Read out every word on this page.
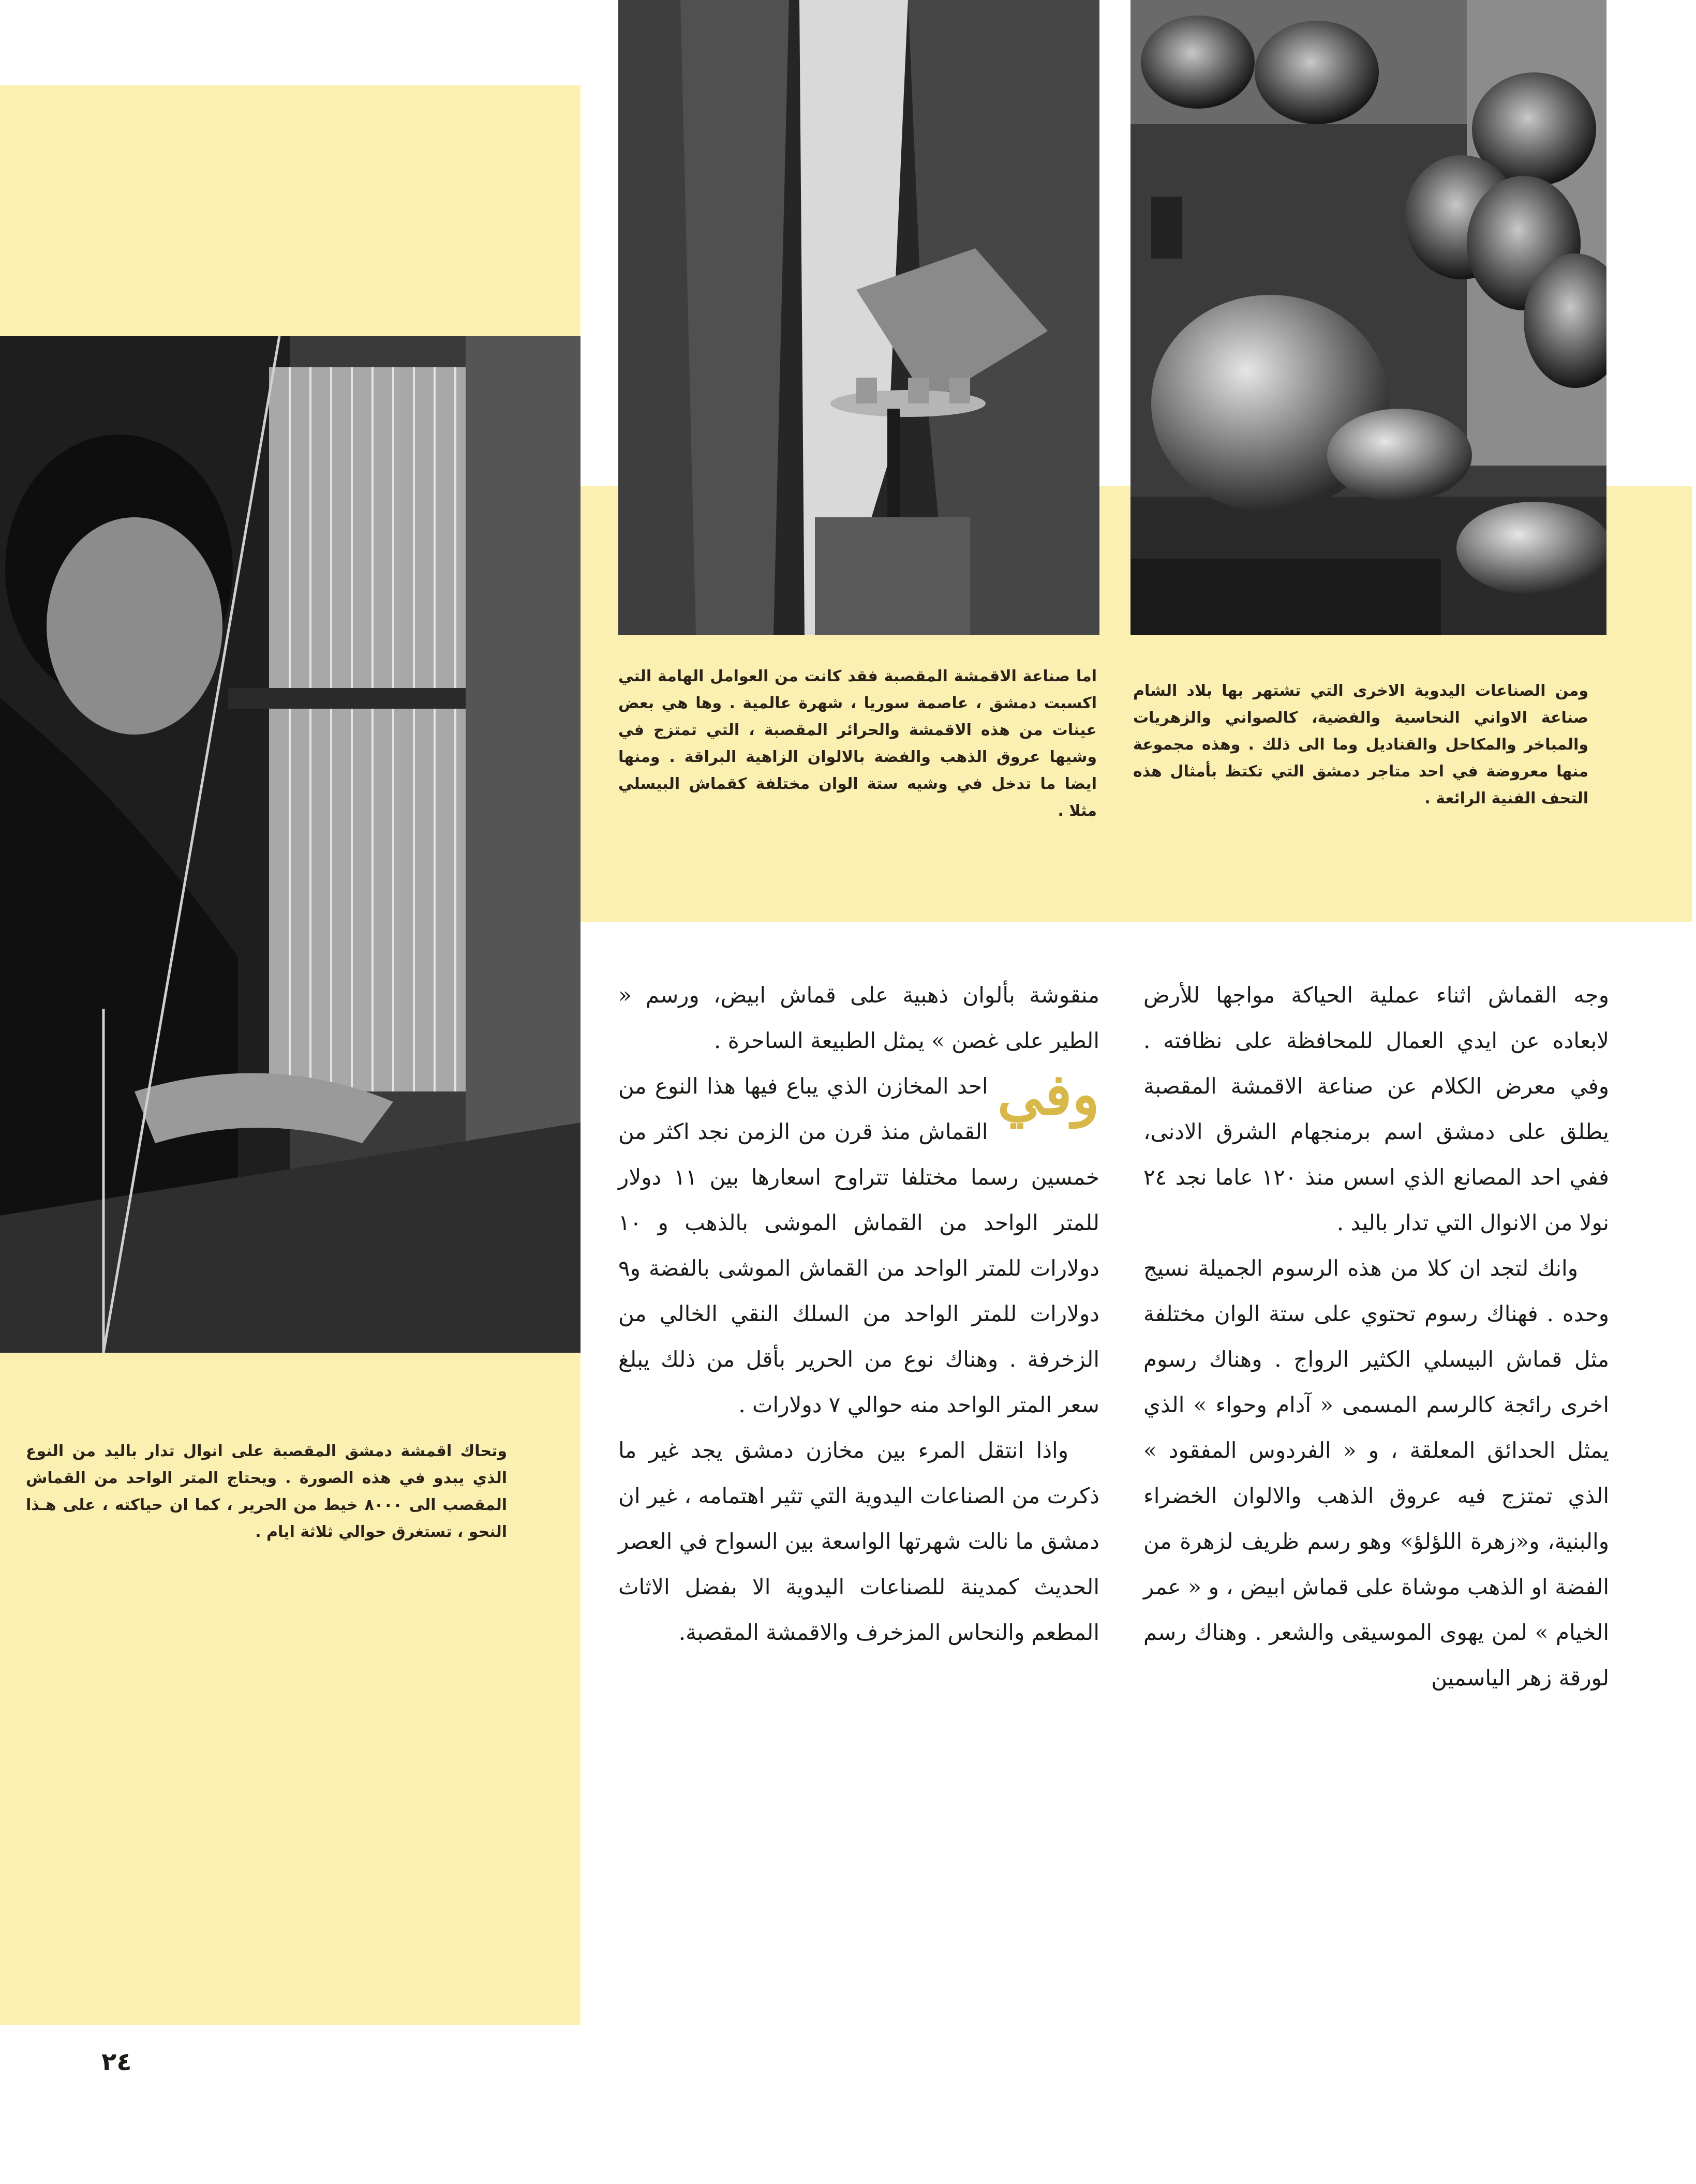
ومن الصناعات اليدوية الاخرى التي تشتهر بها بلاد الشام صناعة الاواني النحاسية والفضية، كالصواني والزهريات والمباخر والمكاحل والقناديل وما الى ذلك . وهذه مجموعة منها معروضة في احد متاجر دمشق التي تكتظ بأمثال هذه التحف الفنية الرائعة .
اما صناعة الاقمشة المقصبة فقد كانت من العوامل الهامة التي اكسبت دمشق ، عاصمة سوريا ، شهرة عالمية . وها هي بعض عينات من هذه الاقمشة والحرائر المقصبة ، التي تمتزج في وشيها عروق الذهب والفضة بالالوان الزاهية البراقة . ومنها ايضا ما تدخل في وشيه ستة الوان مختلفة كقماش البيسلي مثلا .
وتحاك اقمشة دمشق المقصبة على انوال تدار باليد من النوع الذي يبدو في هذه الصورة . ويحتاج المتر الواحد من القماش المقصب الى ٨٠٠٠ خيط من الحرير ، كما ان حياكته ، على هـذا النحو ، تستغرق حوالي ثلاثة ايام .

وجه القماش اثناء عملية الحياكة مواجها للأرض لابعاده عن ايدي العمال للمحافظة على نظافته . وفي معرض الكلام عن صناعة الاقمشة المقصبة يطلق على دمشق اسم برمنجهام الشرق الادنى، ففي احد المصانع الذي اسس منذ ١٢٠ عاما نجد ٢٤ نولا من الانوال التي تدار باليد .

وانك لتجد ان كلا من هذه الرسوم الجميلة نسيج وحده . فهناك رسوم تحتوي على ستة الوان مختلفة مثل قماش البيسلي الكثير الرواج . وهناك رسوم اخرى رائجة كالرسم المسمى « آدام وحواء » الذي يمثل الحدائق المعلقة ، و « الفردوس المفقود » الذي تمتزج فيه عروق الذهب والالوان الخضراء والبنية، و«زهرة اللؤلؤ» وهو رسم ظريف لزهرة من الفضة او الذهب موشاة على قماش ابيض ، و « عمر الخيام » لمن يهوى الموسيقى والشعر . وهناك رسم لورقة زهر الياسمين

منقوشة بألوان ذهبية على قماش ابيض، ورسم « الطير على غصن » يمثل الطبيعة الساحرة .

وفي
احد المخازن الذي يباع فيها هذا النوع من القماش منذ قرن من الزمن نجد اكثر من خمسين رسما مختلفا تتراوح اسعارها بين ١١ دولار للمتر الواحد من القماش الموشى بالذهب و ١٠ دولارات للمتر الواحد من القماش الموشى بالفضة و٩ دولارات للمتر الواحد من السلك النقي الخالي من الزخرفة . وهناك نوع من الحرير بأقل من ذلك يبلغ سعر المتر الواحد منه حوالي ٧ دولارات .

واذا انتقل المرء بين مخازن دمشق يجد غير ما ذكرت من الصناعات اليدوية التي تثير اهتمامه ، غير ان دمشق ما نالت شهرتها الواسعة بين السواح في العصر الحديث كمدينة للصناعات اليدوية الا بفضل الاثاث المطعم والنحاس المزخرف والاقمشة المقصبة.

٢٤
